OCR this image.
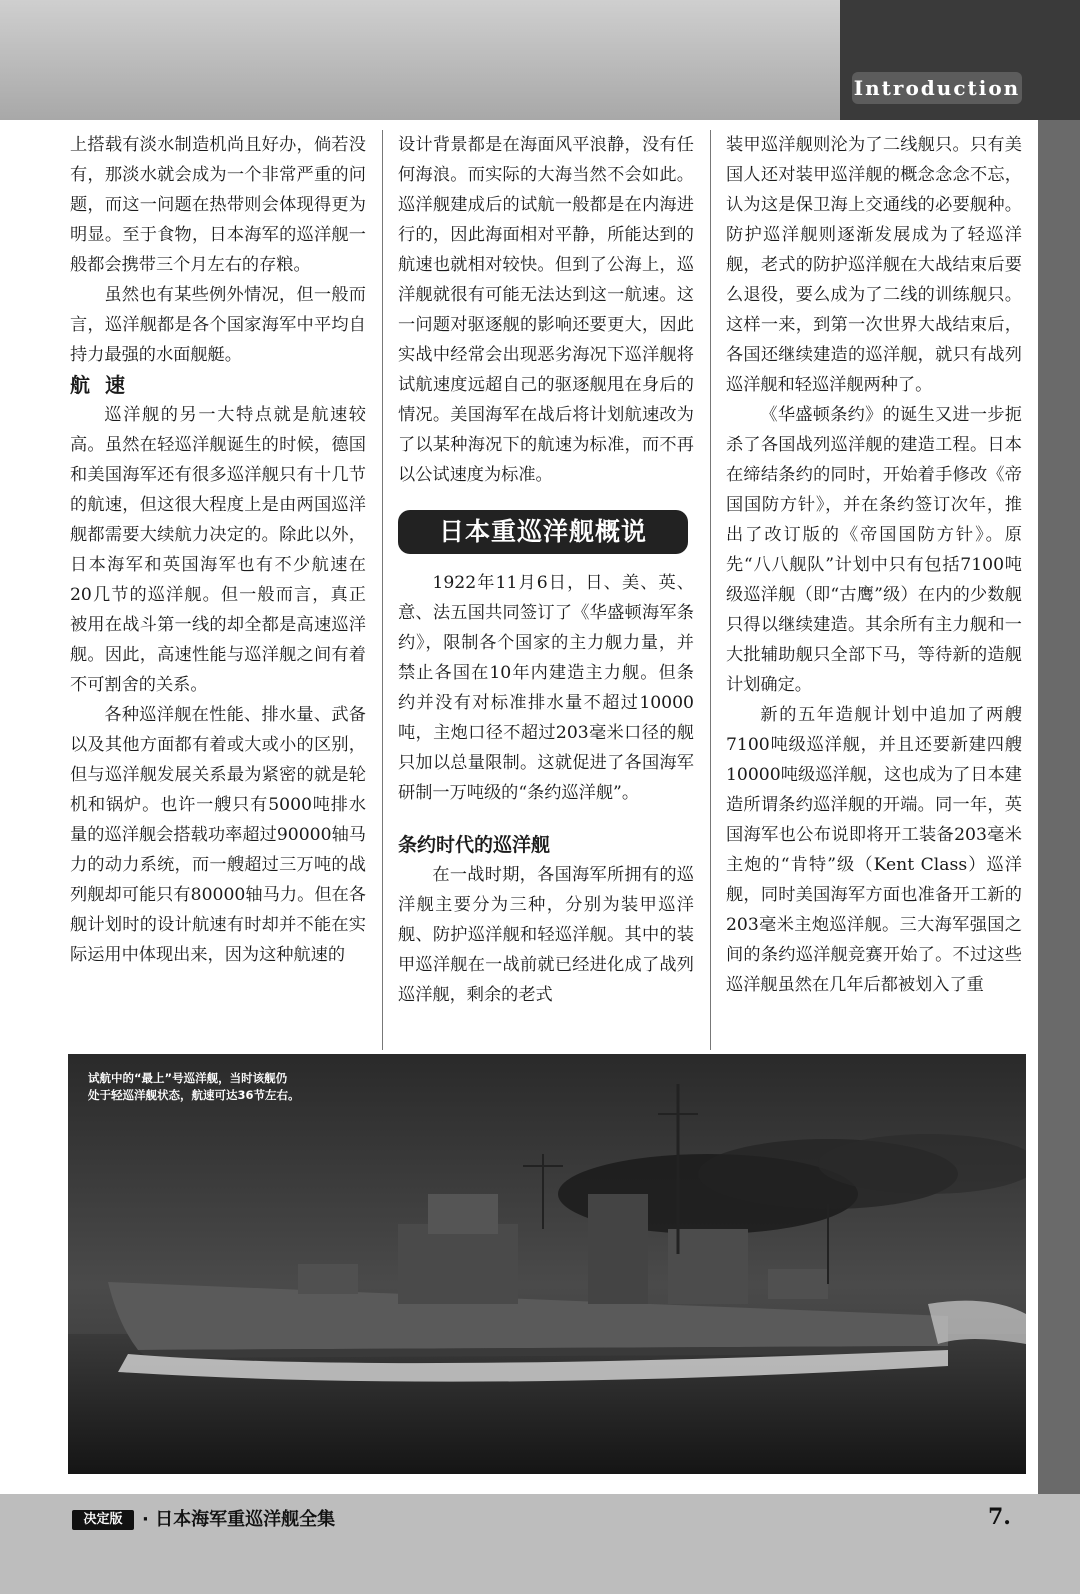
Introduction

上搭载有淡水制造机尚且好办，倘若没有，那淡水就会成为一个非常严重的问题，而这一问题在热带则会体现得更为明显。至于食物，日本海军的巡洋舰一般都会携带三个月左右的存粮。

虽然也有某些例外情况，但一般而言，巡洋舰都是各个国家海军中平均自持力最强的水面舰艇。

航 速

巡洋舰的另一大特点就是航速较高。虽然在轻巡洋舰诞生的时候，德国和美国海军还有很多巡洋舰只有十几节的航速，但这很大程度上是由两国巡洋舰都需要大续航力决定的。除此以外，日本海军和英国海军也有不少航速在20几节的巡洋舰。但一般而言，真正被用在战斗第一线的却全都是高速巡洋舰。因此，高速性能与巡洋舰之间有着不可割舍的关系。

各种巡洋舰在性能、排水量、武备以及其他方面都有着或大或小的区别，但与巡洋舰发展关系最为紧密的就是轮机和锅炉。也许一艘只有5000吨排水量的巡洋舰会搭载功率超过90000轴马力的动力系统，而一艘超过三万吨的战列舰却可能只有80000轴马力。但在各舰计划时的设计航速有时却并不能在实际运用中体现出来，因为这种航速的

设计背景都是在海面风平浪静，没有任何海浪。而实际的大海当然不会如此。巡洋舰建成后的试航一般都是在内海进行的，因此海面相对平静，所能达到的航速也就相对较快。但到了公海上，巡洋舰就很有可能无法达到这一航速。这一问题对驱逐舰的影响还要更大，因此实战中经常会出现恶劣海况下巡洋舰将试航速度远超自己的驱逐舰甩在身后的情况。美国海军在战后将计划航速改为了以某种海况下的航速为标准，而不再以公试速度为标准。

日本重巡洋舰概说

1922年11月6日，日、美、英、意、法五国共同签订了《华盛顿海军条约》，限制各个国家的主力舰力量，并禁止各国在10年内建造主力舰。但条约并没有对标准排水量不超过10000吨，主炮口径不超过203毫米口径的舰只加以总量限制。这就促进了各国海军研制一万吨级的“条约巡洋舰”。

条约时代的巡洋舰

在一战时期，各国海军所拥有的巡洋舰主要分为三种，分别为装甲巡洋舰、防护巡洋舰和轻巡洋舰。其中的装甲巡洋舰在一战前就已经进化成了战列巡洋舰，剩余的老式

装甲巡洋舰则沦为了二线舰只。只有美国人还对装甲巡洋舰的概念念念不忘，认为这是保卫海上交通线的必要舰种。防护巡洋舰则逐渐发展成为了轻巡洋舰，老式的防护巡洋舰在大战结束后要么退役，要么成为了二线的训练舰只。这样一来，到第一次世界大战结束后，各国还继续建造的巡洋舰，就只有战列巡洋舰和轻巡洋舰两种了。

《华盛顿条约》的诞生又进一步扼杀了各国战列巡洋舰的建造工程。日本在缔结条约的同时，开始着手修改《帝国国防方针》，并在条约签订次年，推出了改订版的《帝国国防方针》。原先“八八舰队”计划中只有包括7100吨级巡洋舰（即“古鹰”级）在内的少数舰只得以继续建造。其余所有主力舰和一大批辅助舰只全部下马，等待新的造舰计划确定。

新的五年造舰计划中追加了两艘7100吨级巡洋舰，并且还要新建四艘10000吨级巡洋舰，这也成为了日本建造所谓条约巡洋舰的开端。同一年，英国海军也公布说即将开工装备203毫米主炮的“肯特”级（Kent Class）巡洋舰，同时美国海军方面也准备开工新的203毫米主炮巡洋舰。三大海军强国之间的条约巡洋舰竞赛开始了。不过这些巡洋舰虽然在几年后都被划入了重

试航中的“最上”号巡洋舰，当时该舰仍
处于轻巡洋舰状态，航速可达36节左右。
决定版	· 日本海军重巡洋舰全集	7.
